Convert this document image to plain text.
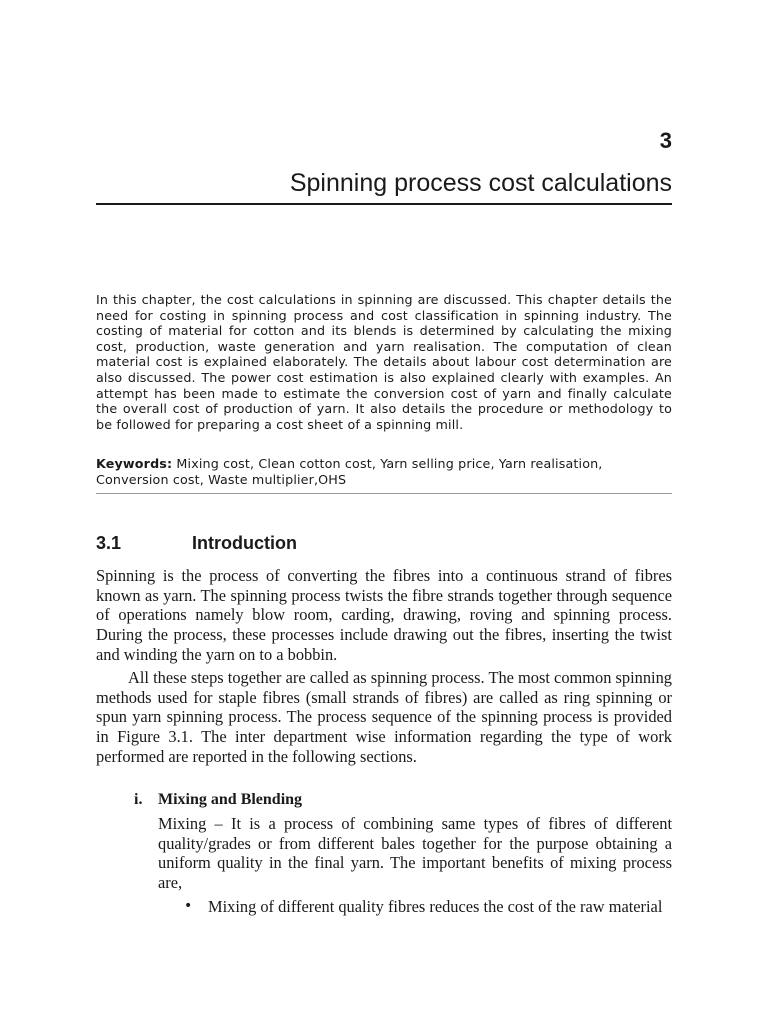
3
Spinning process cost calculations
In this chapter, the cost calculations in spinning are discussed. This chapter details the need for costing in spinning process and cost classification in spinning industry. The costing of material for cotton and its blends is determined by calculating the mixing cost, production, waste generation and yarn realisation. The computation of clean material cost is explained elaborately. The details about labour cost determination are also discussed. The power cost estimation is also explained clearly with examples. An attempt has been made to estimate the conversion cost of yarn and finally calculate the overall cost of production of yarn. It also details the procedure or methodology to be followed for preparing a cost sheet of a spinning mill.
Keywords: Mixing cost, Clean cotton cost, Yarn selling price, Yarn realisation, Conversion cost, Waste multiplier,OHS
3.1	Introduction

Spinning is the process of converting the fibres into a continuous strand of fibres known as yarn. The spinning process twists the fibre strands together through sequence of operations namely blow room, carding, drawing, roving and spinning process. During the process, these processes include drawing out the fibres, inserting the twist and winding the yarn on to a bobbin.

All these steps together are called as spinning process. The most common spinning methods used for staple fibres (small strands of fibres) are called as ring spinning or spun yarn spinning process. The process sequence of the spinning process is provided in Figure 3.1. The inter department wise information regarding the type of work performed are reported in the following sections.

i. Mixing and Blending

Mixing – It is a process of combining same types of fibres of different quality/grades or from different bales together for the purpose obtaining a uniform quality in the final yarn. The important benefits of mixing process are,

• Mixing of different quality fibres reduces the cost of the raw material
